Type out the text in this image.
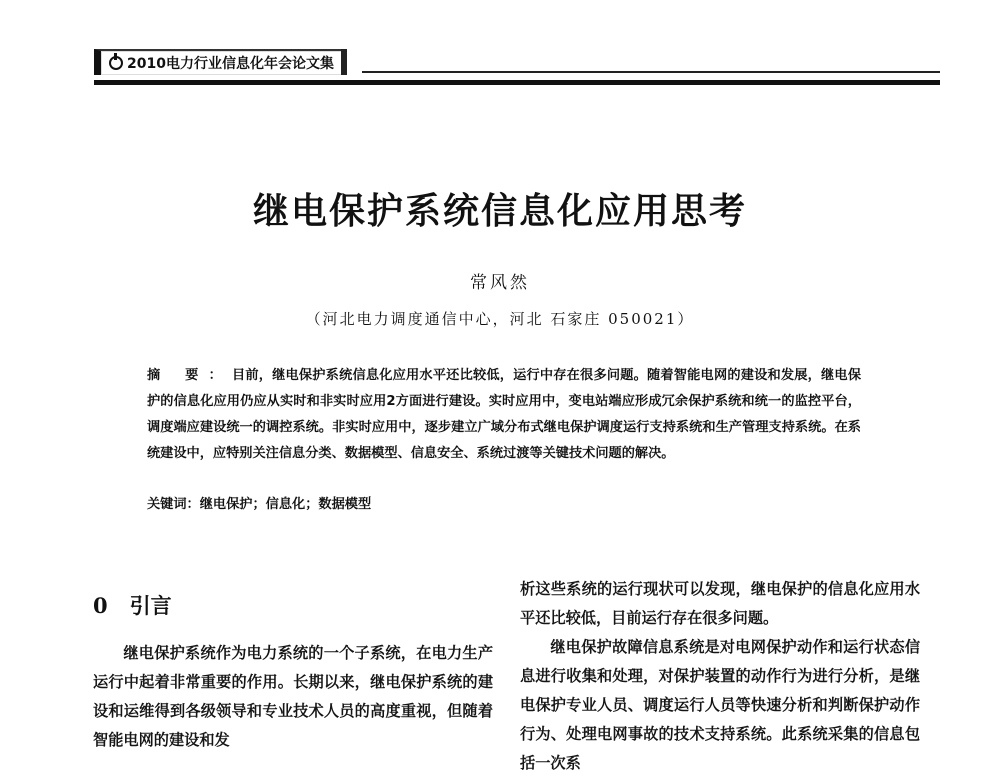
2010电力行业信息化年会论文集
继电保护系统信息化应用思考
常风然
（河北电力调度通信中心，河北 石家庄 050021）
摘 要：目前，继电保护系统信息化应用水平还比较低，运行中存在很多问题。随着智能电网的建设和发展，继电保护的信息化应用仍应从实时和非实时应用2方面进行建设。实时应用中，变电站端应形成冗余保护系统和统一的监控平台，调度端应建设统一的调控系统。非实时应用中，逐步建立广域分布式继电保护调度运行支持系统和生产管理支持系统。在系统建设中，应特别关注信息分类、数据模型、信息安全、系统过渡等关键技术问题的解决。
关键词：继电保护；信息化；数据模型
0 引言

继电保护系统作为电力系统的一个子系统，在电力生产运行中起着非常重要的作用。长期以来，继电保护系统的建设和运维得到各级领导和专业技术人员的高度重视，但随着智能电网的建设和发

析这些系统的运行现状可以发现，继电保护的信息化应用水平还比较低，目前运行存在很多问题。

继电保护故障信息系统是对电网保护动作和运行状态信息进行收集和处理，对保护装置的动作行为进行分析，是继电保护专业人员、调度运行人员等快速分析和判断保护动作行为、处理电网事故的技术支持系统。此系统采集的信息包括一次系
